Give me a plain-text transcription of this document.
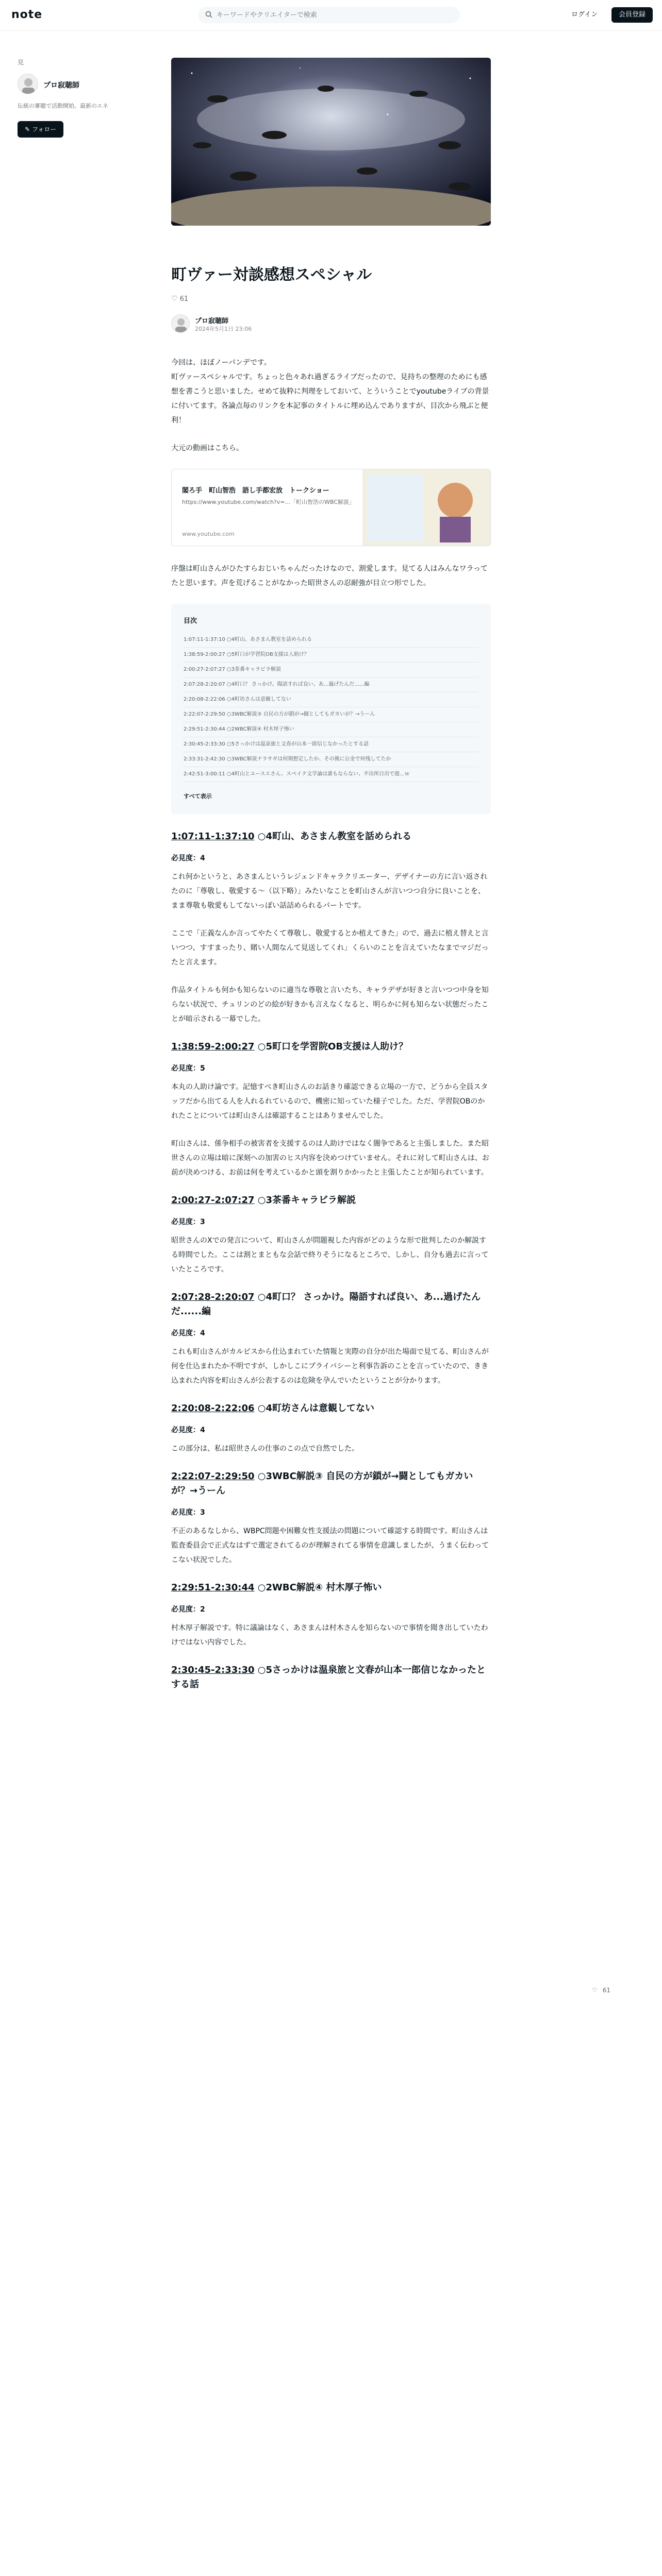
note
キーワードやクリエイターで検索	ログイン	会員登録
見
プロ寂聴師
伝統の審聴で活動開始。最新のエネ
✎ フォロー
町ヴァー対談感想スペシャル
♡ 61
プロ寂聴師
2024年5月1日 23:06

今回は、ほぼノーパンデです。
町ヴァースペシャルです。ちょっと色々あれ過ぎるライブだったので、見持ちの整理のためにも感想を書こうと思いました。せめて抜粋に判理をしておいて、とういうことでyoutubeライブの背景に付いてます。各論点毎のリンクを本記事のタイトルに埋め込んでありますが、目次から飛ぶと便利！

大元の動画はこちら。

閣ろ手　町山智浩　語し手都宏放　トークショー
https://www.youtube.com/watch?v=...「町山智浩のWBC解説」
www.youtube.com

序盤は町山さんがひたすらおじいちゃんだったけなので、割愛します。見てる人はみんなワラってたと思います。声を荒げることがなかった昭世さんの忍耐強が目立つ形でした。

目次
1:07:11-1:37:10 ○4町山、あさまん教室を話められる
1:38:59-2:00:27 ○5町口が学習院OB支援は人助け？
2:00:27-2:07:27 ○3茶番キャラビラ解説
2:07:28-2:20:07 ○4町口？ さっかけ。陽語すれば良い、あ...過げたんだ......編
2:20:08-2:22:06 ○4町坊さんは意観してない
2:22:07-2:29:50 ○3WBC解説③ 自民の方が鎖が→闘としてもガカいが？→うーん
2:29:51-2:30:44 ○2WBC解説④ 村木厚子怖い
2:30:45-2:33:30 ○5さっかけは温泉旅と文春が山本一郎信じなかったとする話
2:33:31-2:42:30 ○3WBC解説ナラサギは何期想定したか、その後に公金で何残してたか
2:42:51-3:00:11 ○4町山とユースエさん、スペイテ文学論は誰もならない、不出所日出で遊...ｗ
すべて表示
1:07:11-1:37:10 ○4町山、あさまん教室を話められる
必見度：4

これ何かというと、あさまんというレジェンドキャラクリエーター、デザイナーの方に言い返されたのに「尊敬し、敬愛する～（以下略）」みたいなことを町山さんが言いつつ自分に良いことを、まま尊敬も敬愛もしてないっぽい話詰められるパートです。

ここで「正義なんか言ってやたくて尊敬し、敬愛するとか植えてきた」ので、過去に植え替えと言いつつ、すすまったり、賭い人間なんて見送してくれ」くらいのことを言えていたなまでマジだったと言えます。

作品タイトルも何かも知らないのに適当な尊敬と言いたち、キャラデザが好きと言いつつ中身を知らない状況で、チュリンのどの絵が好きかも言えなくなると、明らかに何も知らない状態だったことが暗示される一幕でした。

1:38:59-2:00:27 ○5町口を学習院OB支援は人助け？
必見度：5

本丸の人助け論です。記憶すべき町山さんのお話きり確認できる立場の一方で、どうから全員スタッフだから出てる人を人れるれているので、機密に知っていた様子でした。ただ、学習院OBのかれたことについては町山さんは確認することはありませんでした。

町山さんは、係争相手の被害者を支援するのは人助けではなく闇争であると主張しました。また昭世さんの立場は暗に深刻への加害のヒス内容を決めつけていません。それに対して町山さんは、お前が決めつける、お前は何を考えているかと頭を割りかかったと主張したことが知られています。

2:00:27-2:07:27 ○3茶番キャラビラ解説
必見度：3

昭世さんのXでの発言について、町山さんが問題視した内容がどのような形で批判したのか解説する時間でした。ここは割とまともな会話で終りそうになるところで、しかし、自分も過去に言っていたところです。

2:07:28-2:20:07 ○4町口？ さっかけ。陽語すれば良い、あ...過げたんだ......編
必見度：4

これも町山さんがカルビスから仕込まれていた情報と実際の自分が出た場面で見てる、町山さんが何を仕込まれたか不明ですが、しかしこにプライバシーと利事告訴のことを言っていたので、きき込まれた内容を町山さんが公表するのは危険を孕んでいたということが分かります。

2:20:08-2:22:06 ○4町坊さんは意観してない
必見度：4

この部分は、私は昭世さんの仕事のこの点で自然でした。

2:22:07-2:29:50 ○3WBC解説③ 自民の方が鎖が→闘としてもガカいが？→うーん
必見度：3

不正のあるなしから、WBPC問題や困難女性支援法の問題について確認する時間です。町山さんは監査委員会で正式なはずで選定されてるのが理解されてる事情を意識しましたが、うまく伝わってこない状況でした。

2:29:51-2:30:44 ○2WBC解説④ 村木厚子怖い
必見度：2

村木厚子解説です。特に議論はなく、あさまんは村木さんを知らないので事情を聞き出していたわけではない内容でした。

2:30:45-2:33:30 ○5さっかけは温泉旅と文春が山本一郎信じなかったとする話
♡ 61
